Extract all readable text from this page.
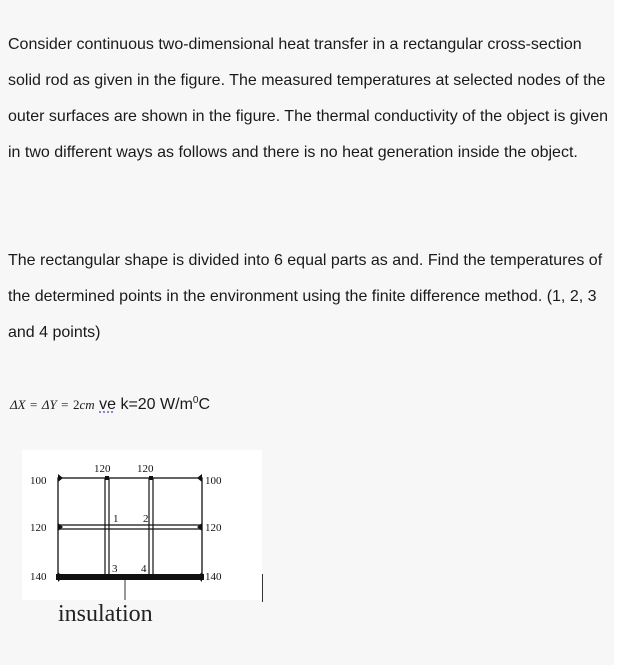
Consider continuous two-dimensional heat transfer in a rectangular cross-section solid rod as given in the figure. The measured temperatures at selected nodes of the outer surfaces are shown in the figure. The thermal conductivity of the object is given in two different ways as follows and there is no heat generation inside the object.

The rectangular shape is divided into 6 equal parts as and. Find the temperatures of the determined points in the environment using the finite difference method. (1, 2, 3 and 4 points)

ΔX = ΔY = 2cm ve k=20 $W/m^0C$
120 120
100
120
140
100
120
140
1 2
3 4
insulation
